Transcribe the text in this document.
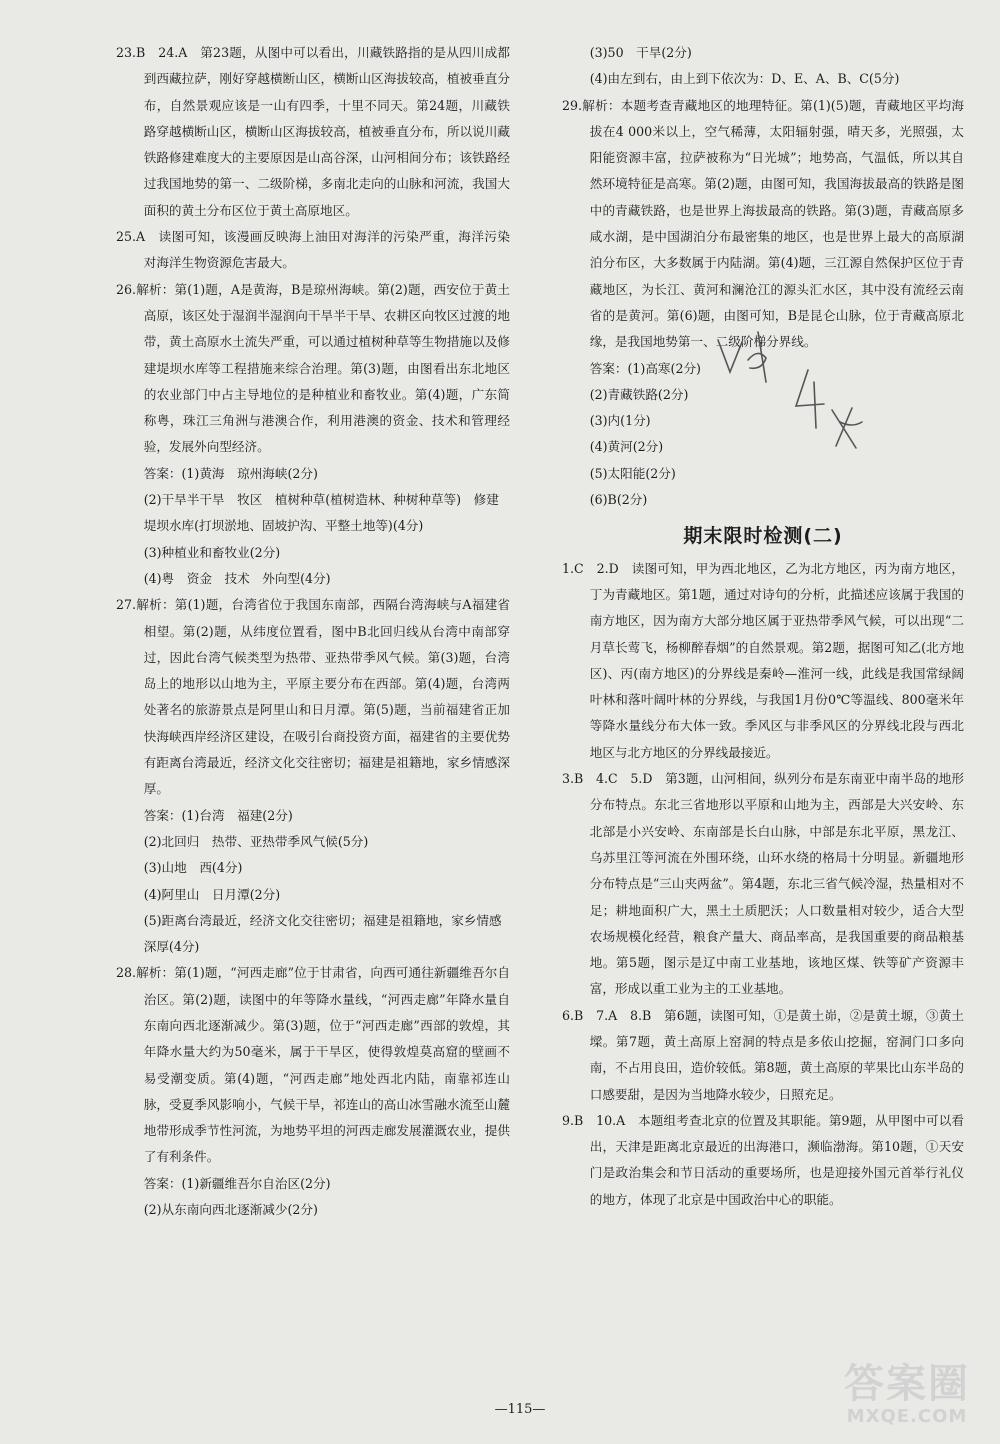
23.B　24.A　第23题，从图中可以看出，川藏铁路指的是从四川成都到西藏拉萨，刚好穿越横断山区，横断山区海拔较高，植被垂直分布，自然景观应该是一山有四季，十里不同天。第24题，川藏铁路穿越横断山区，横断山区海拔较高，植被垂直分布，所以说川藏铁路修建难度大的主要原因是山高谷深，山河相间分布；该铁路经过我国地势的第一、二级阶梯，多南北走向的山脉和河流，我国大面积的黄土分布区位于黄土高原地区。

25.A　读图可知，该漫画反映海上油田对海洋的污染严重，海洋污染对海洋生物资源危害最大。

26.解析：第(1)题，A是黄海，B是琼州海峡。第(2)题，西安位于黄土高原，该区处于湿润半湿润向干旱半干旱、农耕区向牧区过渡的地带，黄土高原水土流失严重，可以通过植树种草等生物措施以及修建堤坝水库等工程措施来综合治理。第(3)题，由图看出东北地区的农业部门中占主导地位的是种植业和畜牧业。第(4)题，广东简称粤，珠江三角洲与港澳合作，利用港澳的资金、技术和管理经验，发展外向型经济。

答案：(1)黄海　琼州海峡(2分)

(2)干旱半干旱　牧区　植树种草(植树造林、种树种草等)　修建堤坝水库(打坝淤地、固坡护沟、平整土地等)(4分)

(3)种植业和畜牧业(2分)

(4)粤　资金　技术　外向型(4分)

27.解析：第(1)题，台湾省位于我国东南部，西隔台湾海峡与A福建省相望。第(2)题，从纬度位置看，图中B北回归线从台湾中南部穿过，因此台湾气候类型为热带、亚热带季风气候。第(3)题，台湾岛上的地形以山地为主，平原主要分布在西部。第(4)题，台湾两处著名的旅游景点是阿里山和日月潭。第(5)题，当前福建省正加快海峡西岸经济区建设，在吸引台商投资方面，福建省的主要优势有距离台湾最近，经济文化交往密切；福建是祖籍地，家乡情感深厚。

答案：(1)台湾　福建(2分)

(2)北回归　热带、亚热带季风气候(5分)

(3)山地　西(4分)

(4)阿里山　日月潭(2分)

(5)距离台湾最近，经济文化交往密切；福建是祖籍地，家乡情感深厚(4分)

28.解析：第(1)题，“河西走廊”位于甘肃省，向西可通往新疆维吾尔自治区。第(2)题，读图中的年等降水量线，“河西走廊”年降水量自东南向西北逐渐减少。第(3)题，位于“河西走廊”西部的敦煌，其年降水量大约为50毫米，属于干旱区，使得敦煌莫高窟的壁画不易受潮变质。第(4)题，“河西走廊”地处西北内陆，南靠祁连山脉，受夏季风影响小，气候干旱，祁连山的高山冰雪融水流至山麓地带形成季节性河流，为地势平坦的河西走廊发展灌溉农业，提供了有利条件。

答案：(1)新疆维吾尔自治区(2分)

(2)从东南向西北逐渐减少(2分)

(3)50　干旱(2分)

(4)由左到右，由上到下依次为：D、E、A、B、C(5分)

29.解析：本题考查青藏地区的地理特征。第(1)(5)题，青藏地区平均海拔在4 000米以上，空气稀薄，太阳辐射强，晴天多，光照强，太阳能资源丰富，拉萨被称为“日光城”；地势高，气温低，所以其自然环境特征是高寒。第(2)题，由图可知，我国海拔最高的铁路是图中的青藏铁路，也是世界上海拔最高的铁路。第(3)题，青藏高原多咸水湖，是中国湖泊分布最密集的地区，也是世界上最大的高原湖泊分布区，大多数属于内陆湖。第(4)题，三江源自然保护区位于青藏地区，为长江、黄河和澜沧江的源头汇水区，其中没有流经云南省的是黄河。第(6)题，由图可知，B是昆仑山脉，位于青藏高原北缘，是我国地势第一、二级阶梯分界线。

答案：(1)高寒(2分)

(2)青藏铁路(2分)

(3)内(1分)

(4)黄河(2分)

(5)太阳能(2分)

(6)B(2分)

期末限时检测(二)

1.C　2.D　读图可知，甲为西北地区，乙为北方地区，丙为南方地区，丁为青藏地区。第1题，通过对诗句的分析，此描述应该属于我国的南方地区，因为南方大部分地区属于亚热带季风气候，可以出现“二月草长莺飞，杨柳醉春烟”的自然景观。第2题，据图可知乙(北方地区)、丙(南方地区)的分界线是秦岭—淮河一线，此线是我国常绿阔叶林和落叶阔叶林的分界线，与我国1月份0℃等温线、800毫米年等降水量线分布大体一致。季风区与非季风区的分界线北段与西北地区与北方地区的分界线最接近。

3.B　4.C　5.D　第3题，山河相间，纵列分布是东南亚中南半岛的地形分布特点。东北三省地形以平原和山地为主，西部是大兴安岭、东北部是小兴安岭、东南部是长白山脉，中部是东北平原，黑龙江、乌苏里江等河流在外围环绕，山环水绕的格局十分明显。新疆地形分布特点是“三山夹两盆”。第4题，东北三省气候冷湿，热量相对不足；耕地面积广大，黑土土质肥沃；人口数量相对较少，适合大型农场规模化经营，粮食产量大、商品率高，是我国重要的商品粮基地。第5题，图示是辽中南工业基地，该地区煤、铁等矿产资源丰富，形成以重工业为主的工业基地。

6.B　7.A　8.B　第6题，读图可知，①是黄土峁，②是黄土塬，③黄土墚。第7题，黄土高原上窑洞的特点是多依山挖掘，窑洞门口多向南，不占用良田，造价较低。第8题，黄土高原的苹果比山东半岛的口感要甜，是因为当地降水较少，日照充足。

9.B　10.A　本题组考查北京的位置及其职能。第9题，从甲图中可以看出，天津是距离北京最近的出海港口，濒临渤海。第10题，①天安门是政治集会和节日活动的重要场所，也是迎接外国元首举行礼仪的地方，体现了北京是中国政治中心的职能。

—115—
答案圈
MXQE.COM
